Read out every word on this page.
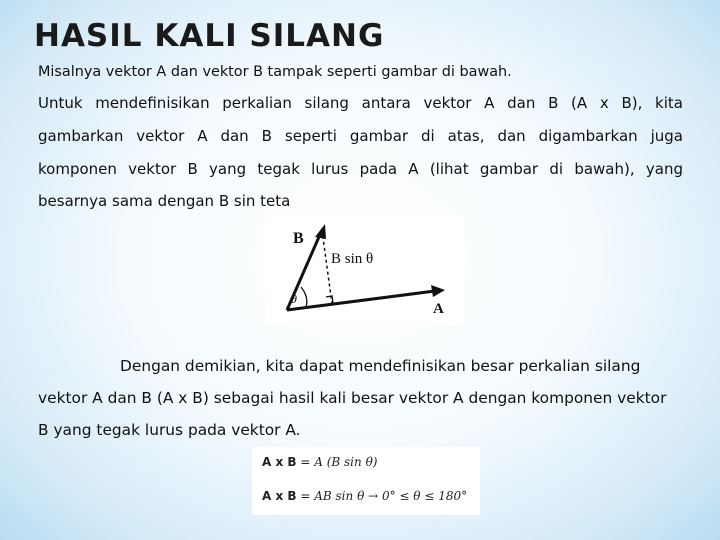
HASIL KALI SILANG

Misalnya vektor A dan vektor B tampak seperti gambar di bawah.

Untuk mendefinisikan perkalian silang antara vektor A dan B (A x B), kita

gambarkan vektor A dan B seperti gambar di atas, dan digambarkan juga

komponen vektor B yang tegak lurus pada A (lihat gambar di bawah), yang

besarnya sama dengan B sin teta

B
B sin θ
θ
A

Dengan demikian, kita dapat mendefinisikan besar perkalian silang

vektor A dan B (A x B) sebagai hasil kali besar vektor A dengan komponen vektor

B yang tegak lurus pada vektor A.

A x B = A (B sin θ)
A x B = AB sin θ → 0° ≤ θ ≤ 180°
